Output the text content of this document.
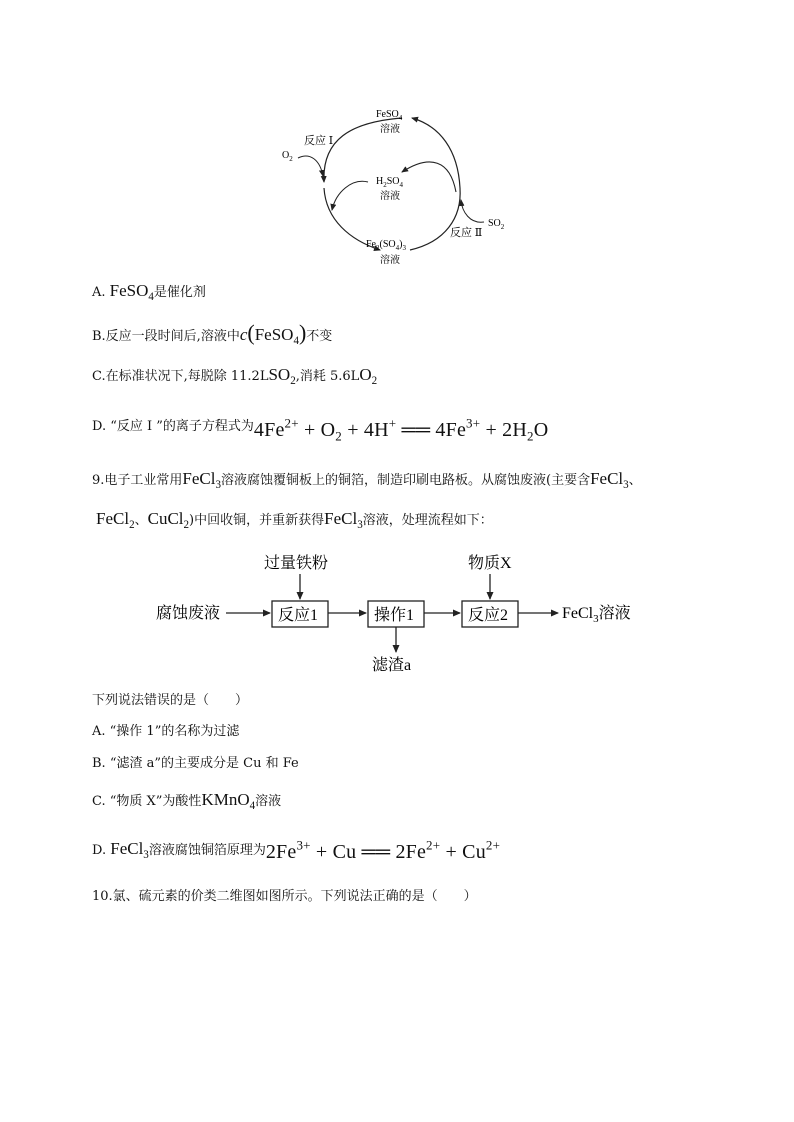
FeSO$_4$
溶液
$H_2SO_4$
溶液
$Fe_2(SO_4)_3$
溶液
$O_2$
反应 Ⅰ
$SO_2$
反应 Ⅱ
A. FeSO$_4$是催化剂
B.反应一段时间后,溶液中c(FeSO$_4$)不变
C.在标准状况下,每脱除 $11.2LSO_2$,消耗 $5.6LO_2$
D. “反应 Ⅰ ”的离子方程式为$4Fe^{2+} + O_2 + 4H^+$ ══ $4Fe^{3+} + 2H_2O$
9.电子工业常用FeCl$_3$溶液腐蚀覆铜板上的铜箔，制造印刷电路板。从腐蚀废液(主要含FeCl$_3$、
FeCl$_2$、CuCl$_2$)中回收铜，并重新获得FeCl$_3$溶液，处理流程如下：
腐蚀废液	反应1
过量铁粉
操作1
滤渣a
反应2
物质X
FeCl$_3$溶液
下列说法错误的是（　　）
A. “操作 1”的名称为过滤
B. “滤渣 a”的主要成分是 Cu 和 Fe
C. “物质 X”为酸性KMnO$_4$溶液
D. FeCl$_3$溶液腐蚀铜箔原理为$2Fe^{3+} + Cu$ ══ $2Fe^{2+} + Cu^{2+}$
10.氯、硫元素的价类二维图如图所示。下列说法正确的是（　　）
